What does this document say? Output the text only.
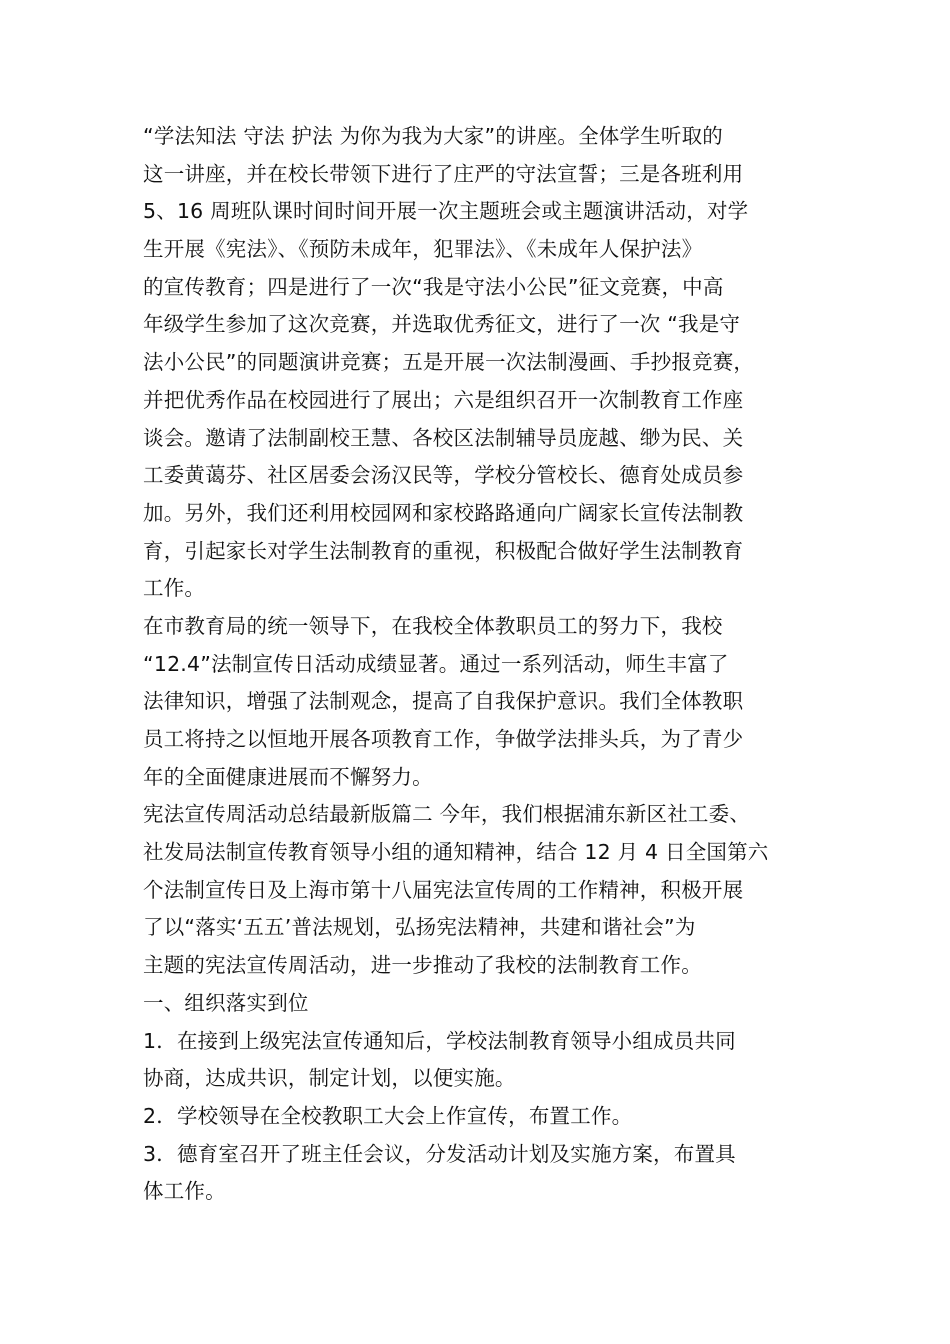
“学法知法 守法 护法 为你为我为大家”的讲座。全体学生听取的
这一讲座，并在校长带领下进行了庄严的守法宣誓；三是各班利用
5、16 周班队课时间时间开展一次主题班会或主题演讲活动，对学
生开展《宪法》、《预防未成年，犯罪法》、《未成年人保护法》
的宣传教育；四是进行了一次“我是守法小公民”征文竞赛，中高
年级学生参加了这次竞赛，并选取优秀征文，进行了一次 “我是守
法小公民”的同题演讲竞赛；五是开展一次法制漫画、手抄报竞赛，
并把优秀作品在校园进行了展出；六是组织召开一次制教育工作座
谈会。邀请了法制副校王慧、各校区法制辅导员庞越、缈为民、关
工委黄蔼芬、社区居委会汤汉民等，学校分管校长、德育处成员参
加。另外，我们还利用校园网和家校路路通向广阔家长宣传法制教
育，引起家长对学生法制教育的重视，积极配合做好学生法制教育
工作。
在市教育局的统一领导下，在我校全体教职员工的努力下，我校
“12.4”法制宣传日活动成绩显著。通过一系列活动，师生丰富了
法律知识，增强了法制观念，提高了自我保护意识。我们全体教职
员工将持之以恒地开展各项教育工作，争做学法排头兵，为了青少
年的全面健康进展而不懈努力。
宪法宣传周活动总结最新版篇二 今年，我们根据浦东新区社工委、
社发局法制宣传教育领导小组的通知精神，结合 12 月 4 日全国第六
个法制宣传日及上海市第十八届宪法宣传周的工作精神，积极开展
了以“落实‘五五’普法规划，弘扬宪法精神，共建和谐社会”为
主题的宪法宣传周活动，进一步推动了我校的法制教育工作。
一、组织落实到位
1．在接到上级宪法宣传通知后，学校法制教育领导小组成员共同
协商，达成共识，制定计划，以便实施。
2．学校领导在全校教职工大会上作宣传，布置工作。
3．德育室召开了班主任会议，分发活动计划及实施方案，布置具
体工作。
